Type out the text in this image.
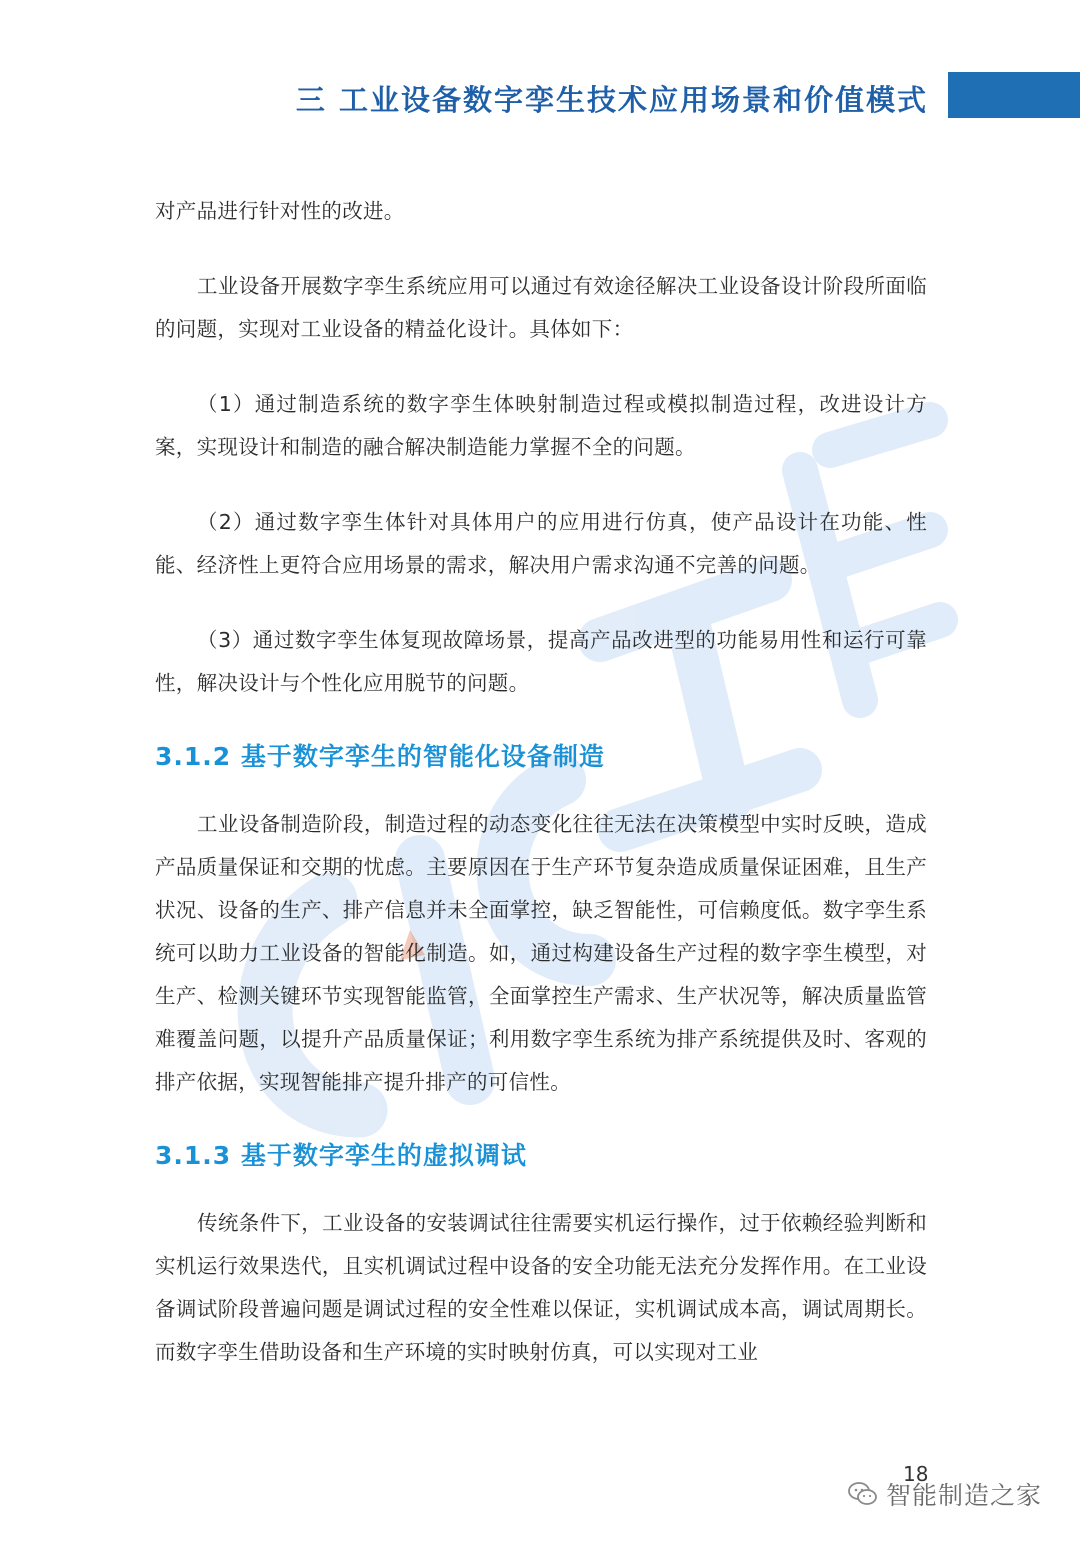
三 工业设备数字孪生技术应用场景和价值模式

对产品进行针对性的改进。

工业设备开展数字孪生系统应用可以通过有效途径解决工业设备设计阶段所面临的问题，实现对工业设备的精益化设计。具体如下：

（1）通过制造系统的数字孪生体映射制造过程或模拟制造过程，改进设计方案，实现设计和制造的融合解决制造能力掌握不全的问题。

（2）通过数字孪生体针对具体用户的应用进行仿真，使产品设计在功能、性能、经济性上更符合应用场景的需求，解决用户需求沟通不完善的问题。

（3）通过数字孪生体复现故障场景，提高产品改进型的功能易用性和运行可靠性，解决设计与个性化应用脱节的问题。

3.1.2 基于数字孪生的智能化设备制造

工业设备制造阶段，制造过程的动态变化往往无法在决策模型中实时反映，造成产品质量保证和交期的忧虑。主要原因在于生产环节复杂造成质量保证困难，且生产状况、设备的生产、排产信息并未全面掌控，缺乏智能性，可信赖度低。数字孪生系统可以助力工业设备的智能化制造。如，通过构建设备生产过程的数字孪生模型，对生产、检测关键环节实现智能监管，全面掌控生产需求、生产状况等，解决质量监管难覆盖问题，以提升产品质量保证；利用数字孪生系统为排产系统提供及时、客观的排产依据，实现智能排产提升排产的可信性。

3.1.3 基于数字孪生的虚拟调试

传统条件下，工业设备的安装调试往往需要实机运行操作，过于依赖经验判断和实机运行效果迭代，且实机调试过程中设备的安全功能无法充分发挥作用。在工业设备调试阶段普遍问题是调试过程的安全性难以保证，实机调试成本高，调试周期长。而数字孪生借助设备和生产环境的实时映射仿真，可以实现对工业

18
智能制造之家
